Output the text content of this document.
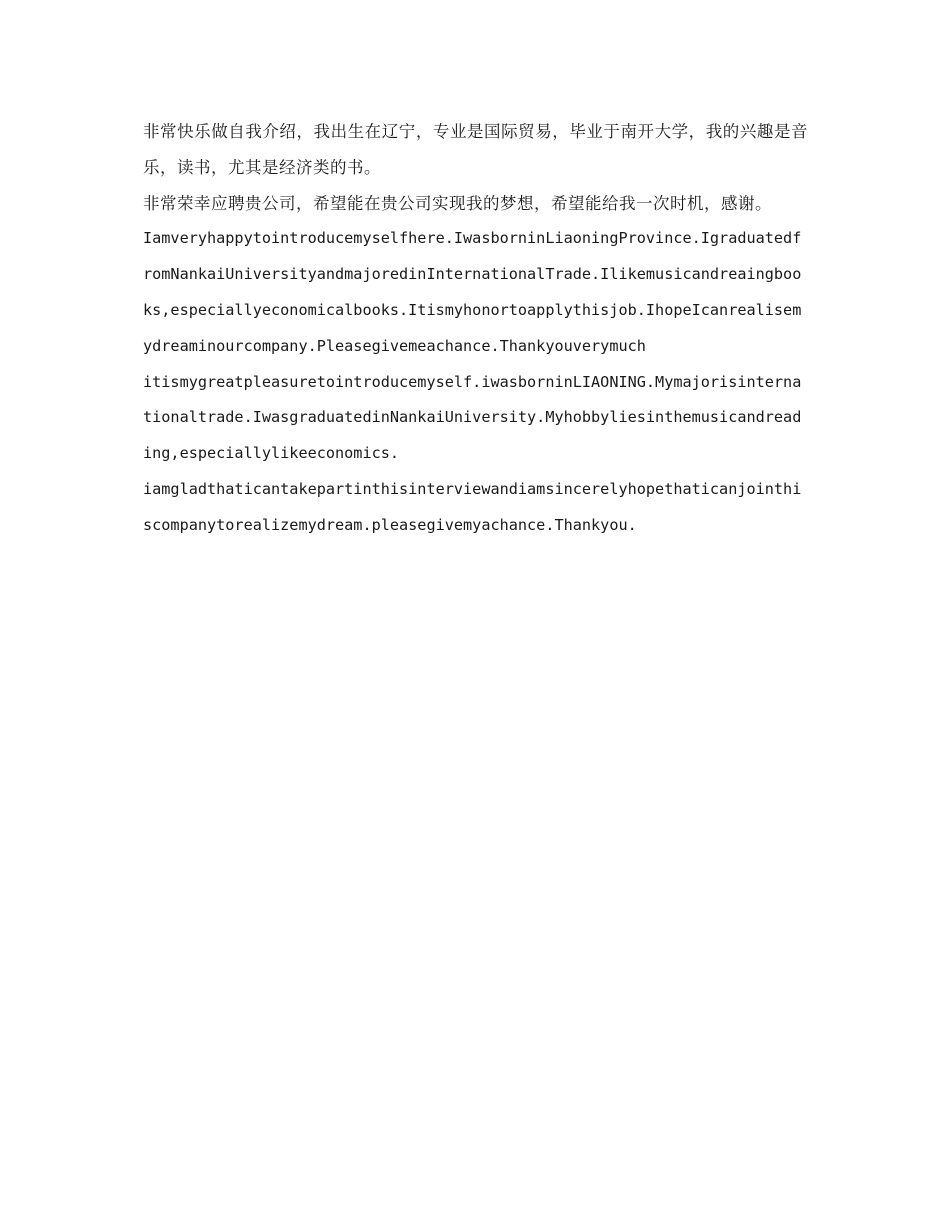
非常快乐做自我介绍，我出生在辽宁，专业是国际贸易，毕业于南开大学，我的兴趣是音乐，读书，尤其是经济类的书。

非常荣幸应聘贵公司，希望能在贵公司实现我的梦想，希望能给我一次时机，感谢。

Iamveryhappytointroducemyselfhere.IwasborninLiaoningProvince.IgraduatedfromNankaiUniversityandmajoredinInternationalTrade.Ilikemusicandreaingbooks,especiallyeconomicalbooks.Itismyhonortoapplythisjob.IhopeIcanrealisemydreaminourcompany.Pleasegivemeachance.Thankyouverymuch

itismygreatpleasuretointroducemyself.iwasborninLIAONING.Mymajorisinternationaltrade.IwasgraduatedinNankaiUniversity.Myhobbyliesinthemusicandreading,especiallylikeeconomics.

iamgladthaticantakepartinthisinterviewandiamsincerelyhopethaticanjointhiscompanytorealizemydream.pleasegivemyachance.Thankyou.
